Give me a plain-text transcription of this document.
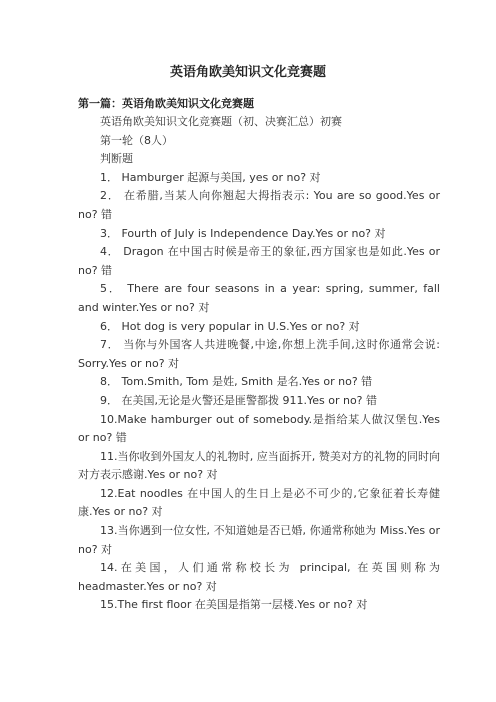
英语角欧美知识文化竞赛题
第一篇：英语角欧美知识文化竞赛题
英语角欧美知识文化竞赛题（初、决赛汇总）初赛
第一轮（8人）
判断题
1． Hamburger 起源与美国, yes or no? 对
2． 在希腊,当某人向你翘起大拇指表示: You are so good.Yes or no? 错
3． Fourth of July is Independence Day.Yes or no? 对
4． Dragon 在中国古时候是帝王的象征,西方国家也是如此.Yes or no? 错
5． There are four seasons in a year: spring, summer, fall and winter.Yes or no? 对
6． Hot dog is very popular in U.S.Yes or no? 对
7． 当你与外国客人共进晚餐,中途,你想上洗手间,这时你通常会说: Sorry.Yes or no? 对
8． Tom.Smith, Tom 是姓, Smith 是名.Yes or no? 错
9． 在美国,无论是火警还是匪警都拨 911.Yes or no? 错
10.Make hamburger out of somebody.是指给某人做汉堡包.Yes or no? 错
11.当你收到外国友人的礼物时, 应当面拆开, 赞美对方的礼物的同时向对方表示感谢.Yes or no? 对
12.Eat noodles 在中国人的生日上是必不可少的,它象征着长寿健康.Yes or no? 对
13.当你遇到一位女性, 不知道她是否已婚, 你通常称她为 Miss.Yes or no? 对
14.在美国，人们通常称校长为 principal, 在英国则称为 headmaster.Yes or no? 对
15.The first floor 在美国是指第一层楼.Yes or no? 对
